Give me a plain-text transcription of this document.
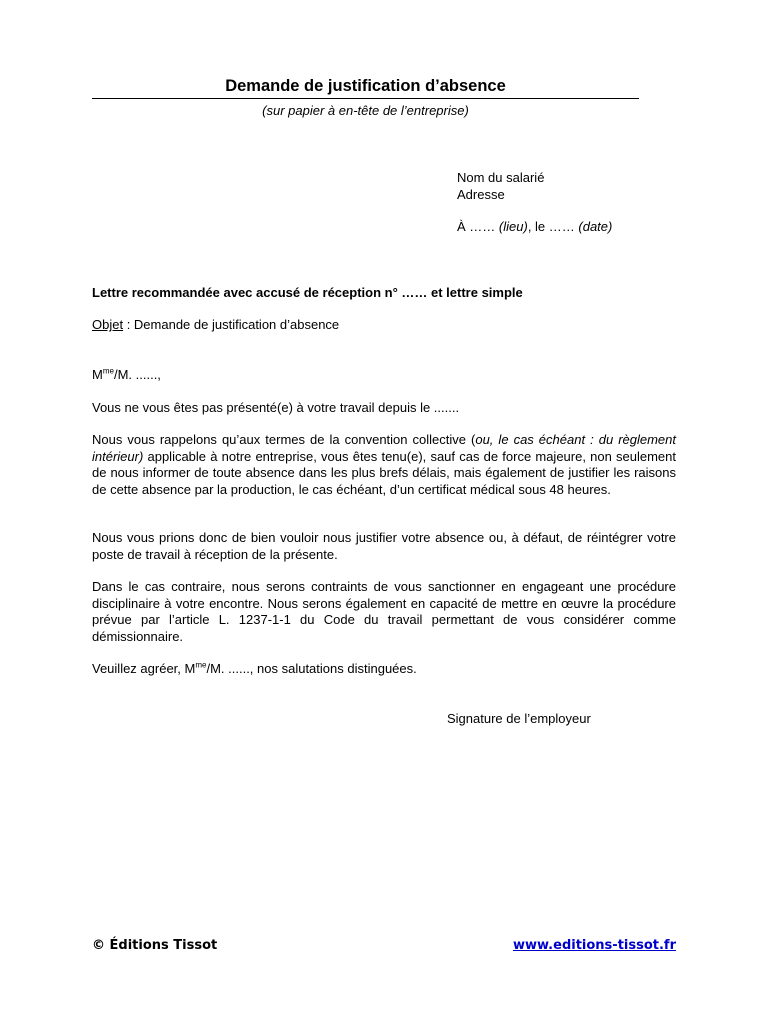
Demande de justification d’absence
(sur papier à en-tête de l’entreprise)
Nom du salarié
Adresse
À …… (lieu), le …… (date)
Lettre recommandée avec accusé de réception n° …… et lettre simple
Objet : Demande de justification d’absence
$M^{me}/M$. ......,
Vous ne vous êtes pas présenté(e) à votre travail depuis le .......
Nous vous rappelons qu’aux termes de la convention collective (ou, le cas échéant : du règlement intérieur) applicable à notre entreprise, vous êtes tenu(e), sauf cas de force majeure, non seulement de nous informer de toute absence dans les plus brefs délais, mais également de justifier les raisons de cette absence par la production, le cas échéant, d’un certificat médical sous 48 heures.
Nous vous prions donc de bien vouloir nous justifier votre absence ou, à défaut, de réintégrer votre poste de travail à réception de la présente.
Dans le cas contraire, nous serons contraints de vous sanctionner en engageant une procédure disciplinaire à votre encontre. Nous serons également en capacité de mettre en œuvre la procédure prévue par l’article L. 1237-1-1 du Code du travail permettant de vous considérer comme démissionnaire.
Veuillez agréer, $M^{me}/M$. ......, nos salutations distinguées.
Signature de l’employeur
© Éditions Tissot	www.editions-tissot.fr
